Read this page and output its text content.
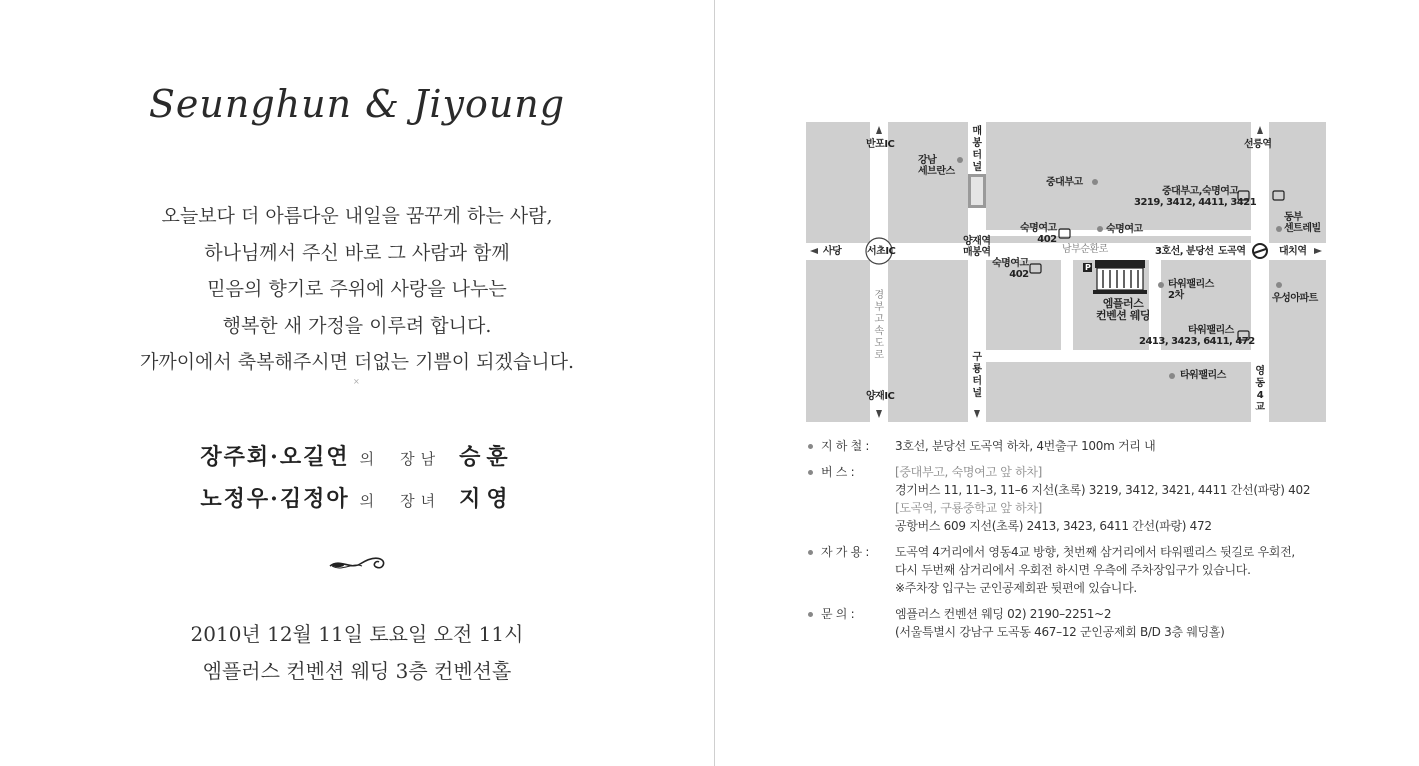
Seunghun & Jiyoung
오늘보다 더 아름다운 내일을 꿈꾸게 하는 사람,
하나님께서 주신 바로 그 사람과 함께
믿음의 향기로 주위에 사랑을 나누는
행복한 새 가정을 이루려 합니다.
가까이에서 축복해주시면 더없는 기쁨이 되겠습니다.
×
장주회·오길연 의 장남 승훈
노정우·김정아 의 장녀 지영
2010년 12월 11일 토요일 오전 11시
엠플러스 컨벤션 웨딩 3층 컨벤션홀
반포IC
강남
세브란스
매
봉
터
널
선릉역
중대부고
중대부고,숙명여고
3219, 3412, 4411, 3421
동부
센트레빌
숙명여고
숙명여고
402
사당	서초IC
양재역
매봉역	남부순환로	3호선, 분당선 도곡역	대치역
숙명여고
402
엠플러스
컨벤션 웨딩
타워팰리스
2차	우성아파트
타워팰리스
2413, 3423, 6411, 472
경
부
고
속
도
로	구
룡
터
널
타워팰리스	영
동
4
교
양재IC
P
지 하 철 :	3호선, 분당선 도곡역 하차, 4번출구 100m 거리 내
버 스 :	[중대부고, 숙명여고 앞 하차]
경기버스 11, 11–3, 11–6 지선(초록) 3219, 3412, 3421, 4411 간선(파랑) 402
[도곡역, 구룡중학교 앞 하차]
공항버스 609 지선(초록) 2413, 3423, 6411 간선(파랑) 472
자 가 용 :	도곡역 4거리에서 영동4교 방향, 첫번째 삼거리에서 타워펠리스 뒷길로 우회전,
다시 두번째 삼거리에서 우회전 하시면 우측에 주차장입구가 있습니다.
※주차장 입구는 군인공제회관 뒷편에 있습니다.
문 의 :	엠플러스 컨벤션 웨딩 02) 2190–2251~2
(서울특별시 강남구 도곡동 467–12 군인공제회 B/D 3층 웨딩홀)
